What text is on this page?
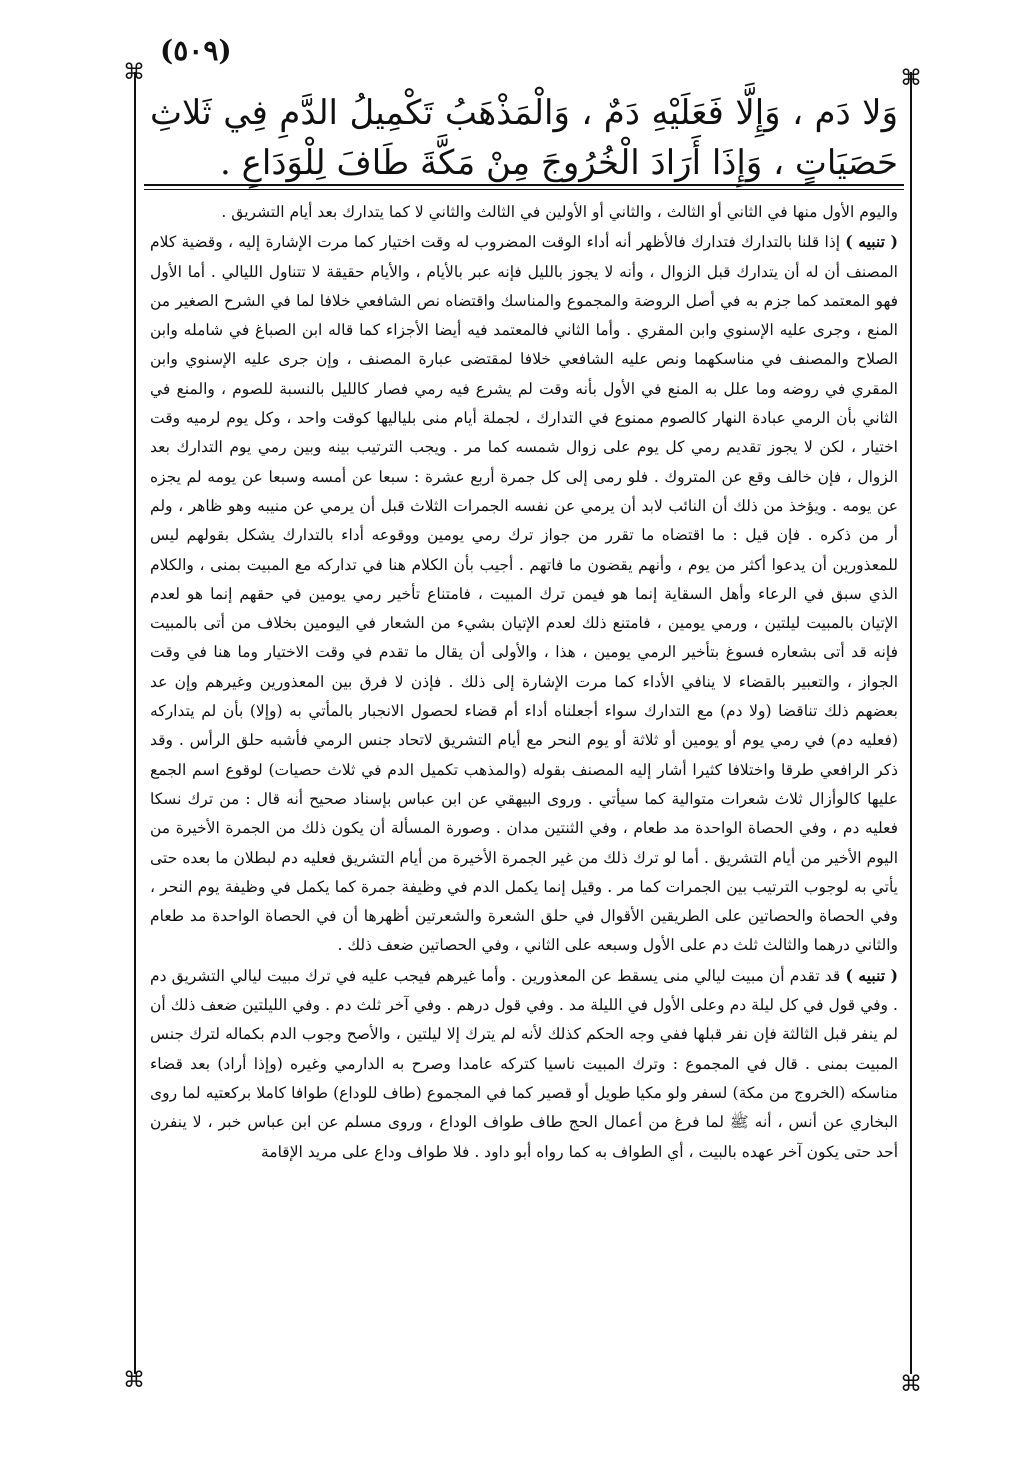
(٥٠٩)
⌘	⌘
⌘	⌘
وَلا دَم ، وَإِلَّا فَعَلَيْهِ دَمٌ ، وَالْمَذْهَبُ تَكْمِيلُ الدَّمِ فِي ثَلاثِ حَصَيَاتٍ ، وَإِذَا أَرَادَ الْخُرُوجَ مِنْ مَكَّةَ طَافَ لِلْوَدَاعِ .

واليوم الأول منها في الثاني أو الثالث ، والثاني أو الأولين في الثالث والثاني لا كما يتدارك بعد أيام التشريق .

( تنبيه ) إذا قلنا بالتدارك فتدارك فالأظهر أنه أداء الوقت المضروب له وقت اختيار كما مرت الإشارة إليه ، وقضية كلام المصنف أن له أن يتدارك قبل الزوال ، وأنه لا يجوز بالليل فإنه عبر بالأيام ، والأيام حقيقة لا تتناول الليالي . أما الأول فهو المعتمد كما جزم به في أصل الروضة والمجموع والمناسك واقتضاه نص الشافعي خلافا لما في الشرح الصغير من المنع ، وجرى عليه الإسنوي وابن المقري . وأما الثاني فالمعتمد فيه أيضا الأجزاء كما قاله ابن الصباغ في شامله وابن الصلاح والمصنف في مناسكهما ونص عليه الشافعي خلافا لمقتضى عبارة المصنف ، وإن جرى عليه الإسنوي وابن المقري في روضه وما علل به المنع في الأول بأنه وقت لم يشرع فيه رمي فصار كالليل بالنسبة للصوم ، والمنع في الثاني بأن الرمي عبادة النهار كالصوم ممنوع في التدارك ، لجملة أيام منى بلياليها كوقت واحد ، وكل يوم لرميه وقت اختيار ، لكن لا يجوز تقديم رمي كل يوم على زوال شمسه كما مر . ويجب الترتيب بينه وبين رمي يوم التدارك بعد الزوال ، فإن خالف وقع عن المتروك . فلو رمى إلى كل جمرة أربع عشرة : سبعا عن أمسه وسبعا عن يومه لم يجزه عن يومه . ويؤخذ من ذلك أن النائب لابد أن يرمي عن نفسه الجمرات الثلاث قبل أن يرمي عن منيبه وهو ظاهر ، ولم أر من ذكره . فإن قيل : ما اقتضاه ما تقرر من جواز ترك رمي يومين ووقوعه أداء بالتدارك يشكل بقولهم ليس للمعذورين أن يدعوا أكثر من يوم ، وأنهم يقضون ما فاتهم . أجيب بأن الكلام هنا في تداركه مع المبيت بمنى ، والكلام الذي سبق في الرعاء وأهل السقاية إنما هو فيمن ترك المبيت ، فامتناع تأخير رمي يومين في حقهم إنما هو لعدم الإتيان بالمبيت ليلتين ، ورمي يومين ، فامتنع ذلك لعدم الإتيان بشيء من الشعار في اليومين بخلاف من أتى بالمبيت فإنه قد أتى بشعاره فسوغ بتأخير الرمي يومين ، هذا ، والأولى أن يقال ما تقدم في وقت الاختيار وما هنا في وقت الجواز ، والتعبير بالقضاء لا ينافي الأداء كما مرت الإشارة إلى ذلك . فإذن لا فرق بين المعذورين وغيرهم وإن عد بعضهم ذلك تناقضا (ولا دم) مع التدارك سواء أجعلناه أداء أم قضاء لحصول الانجبار بالمأتي به (وإلا) بأن لم يتداركه (فعليه دم) في رمي يوم أو يومين أو ثلاثة أو يوم النحر مع أيام التشريق لاتحاد جنس الرمي فأشبه حلق الرأس . وقد ذكر الرافعي طرقا واختلافا كثيرا أشار إليه المصنف بقوله (والمذهب تكميل الدم في ثلاث حصيات) لوقوع اسم الجمع عليها كالوأزال ثلاث شعرات متوالية كما سيأتي . وروى البيهقي عن ابن عباس بإسناد صحيح أنه قال : من ترك نسكا فعليه دم ، وفي الحصاة الواحدة مد طعام ، وفي الثنتين مدان . وصورة المسألة أن يكون ذلك من الجمرة الأخيرة من اليوم الأخير من أيام التشريق . أما لو ترك ذلك من غير الجمرة الأخيرة من أيام التشريق فعليه دم لبطلان ما بعده حتى يأتي به لوجوب الترتيب بين الجمرات كما مر . وقيل إنما يكمل الدم في وظيفة جمرة كما يكمل في وظيفة يوم النحر ، وفي الحصاة والحصاتين على الطريقين الأقوال في حلق الشعرة والشعرتين أظهرها أن في الحصاة الواحدة مد طعام والثاني درهما والثالث ثلث دم على الأول وسبعه على الثاني ، وفي الحصاتين ضعف ذلك .

( تنبيه ) قد تقدم أن مبيت ليالي منى يسقط عن المعذورين . وأما غيرهم فيجب عليه في ترك مبيت ليالي التشريق دم . وفي قول في كل ليلة دم وعلى الأول في الليلة مد . وفي قول درهم . وفي آخر ثلث دم . وفي الليلتين ضعف ذلك أن لم ينفر قبل الثالثة فإن نفر قبلها ففي وجه الحكم كذلك لأنه لم يترك إلا ليلتين ، والأصح وجوب الدم بكماله لترك جنس المبيت بمنى . قال في المجموع : وترك المبيت ناسيا كتركه عامدا وصرح به الدارمي وغيره (وإذا أراد) بعد قضاء مناسكه (الخروج من مكة) لسفر ولو مكيا طويل أو قصير كما في المجموع (طاف للوداع) طوافا كاملا بركعتيه لما روى البخاري عن أنس ، أنه ﷺ لما فرغ من أعمال الحج طاف طواف الوداع ، وروى مسلم عن ابن عباس خبر ، لا ينفرن أحد حتى يكون آخر عهده بالبيت ، أي الطواف به كما رواه أبو داود . فلا طواف وداع على مريد الإقامة
